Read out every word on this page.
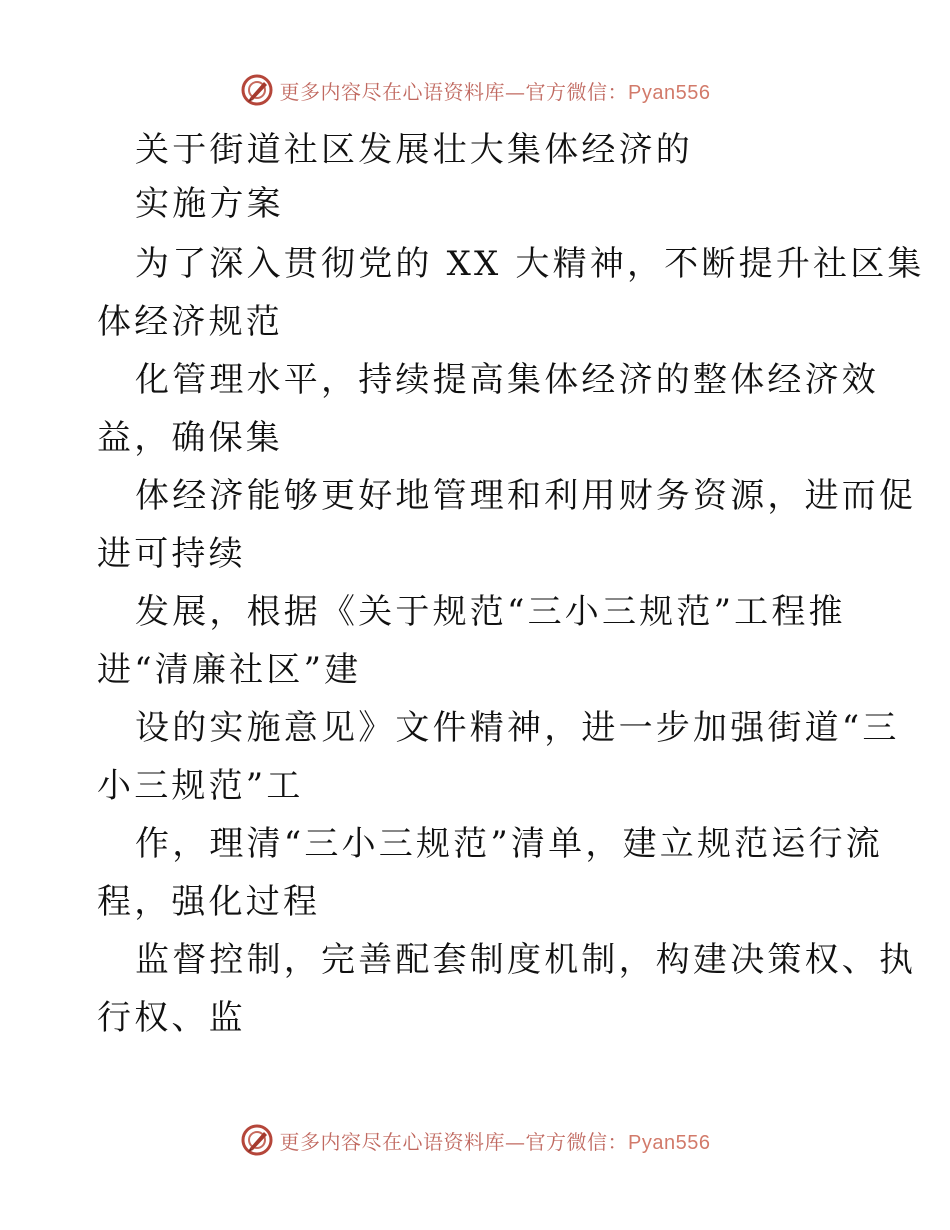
更多内容尽在心语资料库—官方微信：Pyan556
关于街道社区发展壮大集体经济的
实施方案
为了深入贯彻党的 XX 大精神，不断提升社区集
体经济规范
化管理水平，持续提高集体经济的整体经济效
益，确保集
体经济能够更好地管理和利用财务资源，进而促
进可持续
发展，根据《关于规范“三小三规范”工程推
进“清廉社区”建
设的实施意见》文件精神，进一步加强街道“三
小三规范”工
作，理清“三小三规范”清单，建立规范运行流
程，强化过程
监督控制，完善配套制度机制，构建决策权、执
行权、监
更多内容尽在心语资料库—官方微信：Pyan556
